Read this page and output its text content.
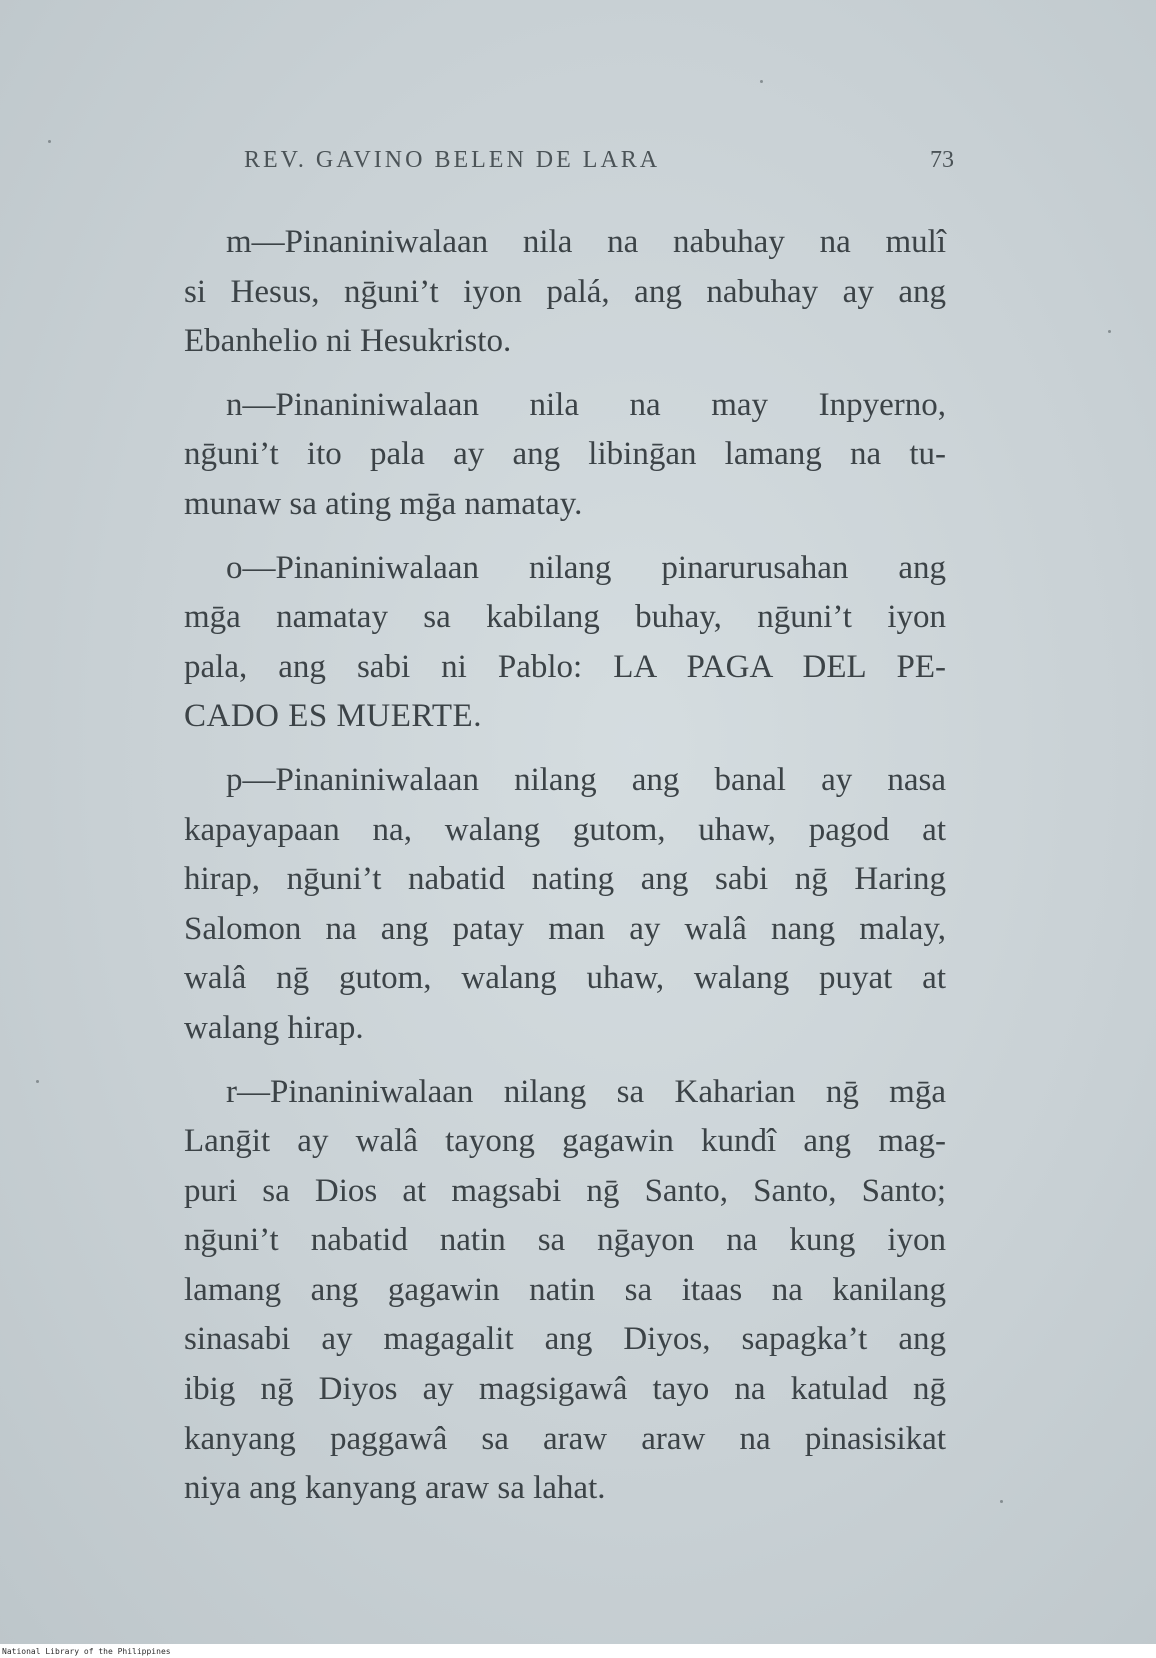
REV. GAVINO BELEN DE LARA	73
m—Pinaniniwalaan nila na nabuhay na mulî
si Hesus, nḡuni’t iyon palá, ang nabuhay ay ang
Ebanhelio ni Hesukristo.
n—Pinaniniwalaan nila na may Inpyerno,
nḡuni’t ito pala ay ang libinḡan lamang na tu-
munaw sa ating mḡa namatay.
o—Pinaniniwalaan nilang pinarurusahan ang
mḡa namatay sa kabilang buhay, nḡuni’t iyon
pala, ang sabi ni Pablo: LA PAGA DEL PE-
CADO ES MUERTE.
p—Pinaniniwalaan nilang ang banal ay nasa
kapayapaan na, walang gutom, uhaw, pagod at
hirap, nḡuni’t nabatid nating ang sabi nḡ Haring
Salomon na ang patay man ay walâ nang malay,
walâ nḡ gutom, walang uhaw, walang puyat at
walang hirap.
r—Pinaniniwalaan nilang sa Kaharian nḡ mḡa
Lanḡit ay walâ tayong gagawin kundî ang mag-
puri sa Dios at magsabi nḡ Santo, Santo, Santo;
nḡuni’t nabatid natin sa nḡayon na kung iyon
lamang ang gagawin natin sa itaas na kanilang
sinasabi ay magagalit ang Diyos, sapagka’t ang
ibig nḡ Diyos ay magsigawâ tayo na katulad nḡ
kanyang paggawâ sa araw araw na pinasisikat
niya ang kanyang araw sa lahat.
National Library of the Philippines
